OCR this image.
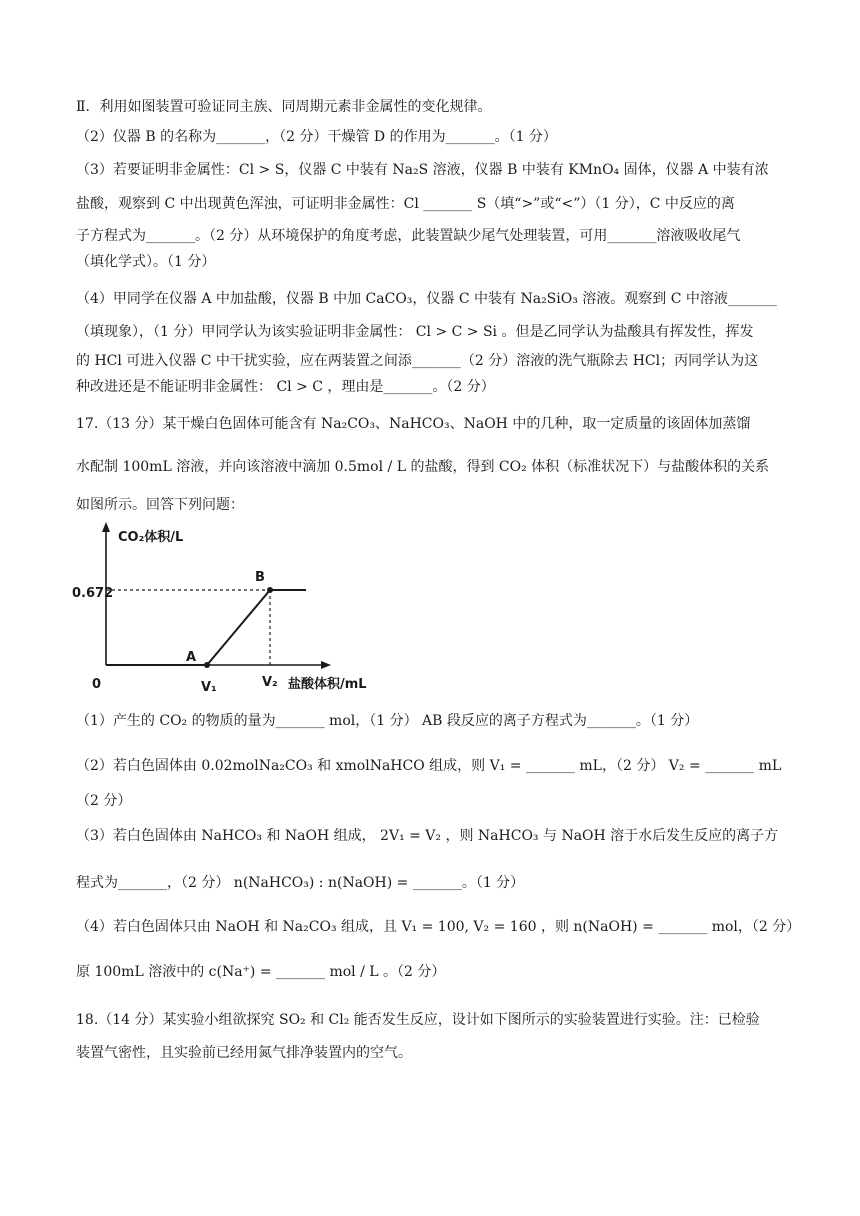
Ⅱ．利用如图装置可验证同主族、同周期元素非金属性的变化规律。
（2）仪器 B 的名称为_______，（2 分）干燥管 D 的作用为_______。（1 分）
（3）若要证明非金属性：Cl > S，仪器 C 中装有 Na₂S 溶液，仪器 B 中装有 KMnO₄ 固体，仪器 A 中装有浓
盐酸，观察到 C 中出现黄色浑浊，可证明非金属性：Cl _______ S（填“>”或“<”）（1 分），C 中反应的离
子方程式为_______。（2 分）从环境保护的角度考虑，此装置缺少尾气处理装置，可用_______溶液吸收尾气
（填化学式）。（1 分）
（4）甲同学在仪器 A 中加盐酸，仪器 B 中加 CaCO₃，仪器 C 中装有 Na₂SiO₃ 溶液。观察到 C 中溶液_______
（填现象），（1 分）甲同学认为该实验证明非金属性： Cl > C > Si 。但是乙同学认为盐酸具有挥发性，挥发
的 HCl 可进入仪器 C 中干扰实验，应在两装置之间添_______（2 分）溶液的洗气瓶除去 HCl；丙同学认为这
种改进还是不能证明非金属性： Cl > C ，理由是_______。（2 分）
17.（13 分）某干燥白色固体可能含有 Na₂CO₃、NaHCO₃、NaOH 中的几种，取一定质量的该固体加蒸馏
水配制 100mL 溶液，并向该溶液中滴加 0.5mol / L 的盐酸，得到 CO₂ 体积（标准状况下）与盐酸体积的关系
如图所示。回答下列问题：
CO₂体积/L
盐酸体积/mL
0.672
0	V₁	V₂
A
B
（1）产生的 CO₂ 的物质的量为_______ mol，（1 分） AB 段反应的离子方程式为_______。（1 分）
（2）若白色固体由 0.02molNa₂CO₃ 和 xmolNaHCO 组成，则 V₁ = _______ mL，（2 分） V₂ = _______ mL
（2 分）
（3）若白色固体由 NaHCO₃ 和 NaOH 组成， 2V₁ = V₂ ，则 NaHCO₃ 与 NaOH 溶于水后发生反应的离子方
程式为_______，（2 分） n(NaHCO₃) : n(NaOH) = _______。（1 分）
（4）若白色固体只由 NaOH 和 Na₂CO₃ 组成，且 V₁ = 100, V₂ = 160 ，则 n(NaOH) = _______ mol，（2 分）
原 100mL 溶液中的 c(Na⁺) = _______ mol / L 。（2 分）
18.（14 分）某实验小组欲探究 SO₂ 和 Cl₂ 能否发生反应，设计如下图所示的实验装置进行实验。注：已检验
装置气密性，且实验前已经用氮气排净装置内的空气。
